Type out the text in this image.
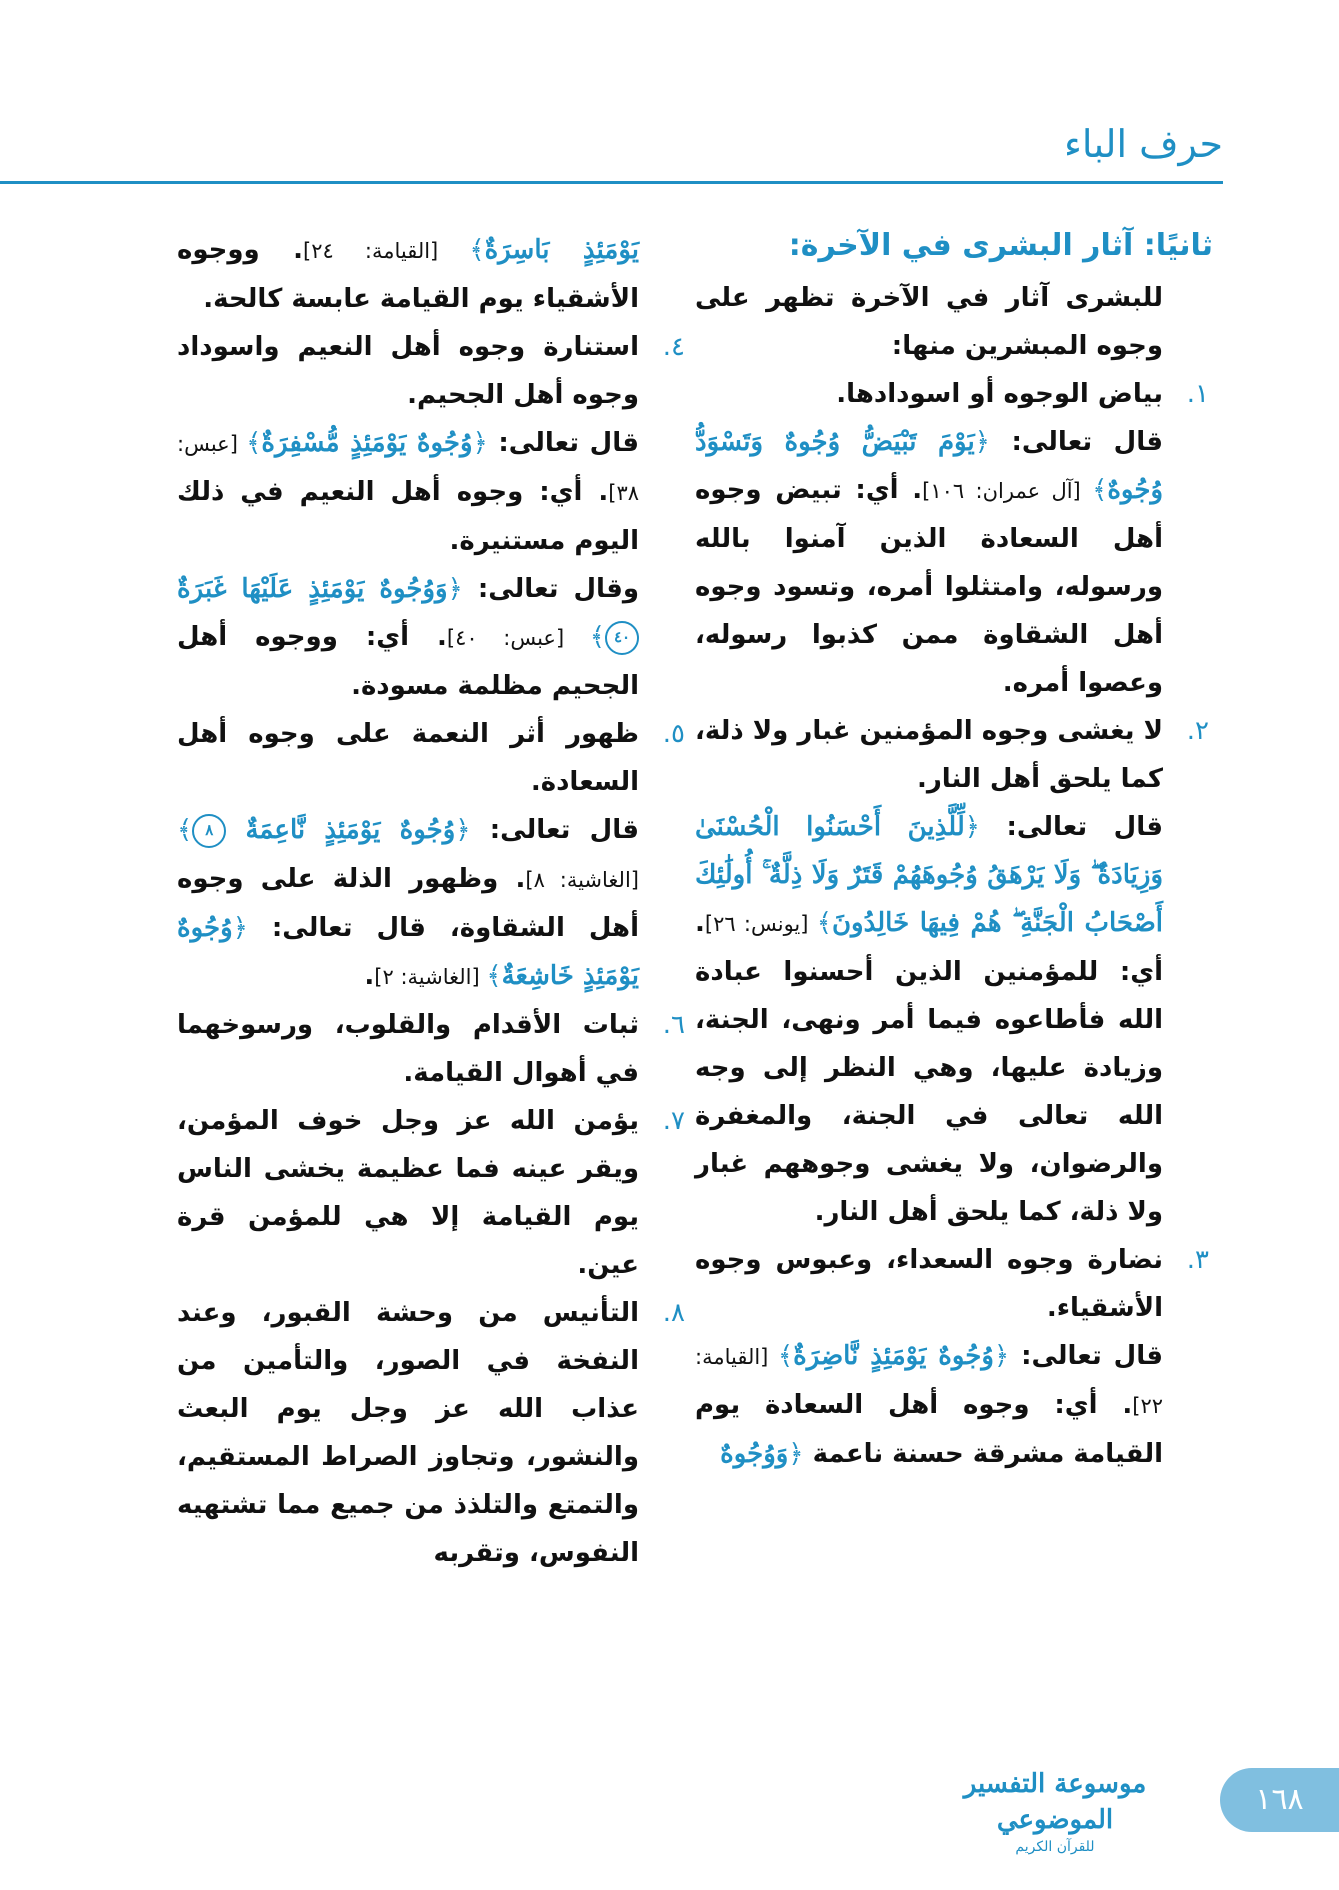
حرف الباء
ثانيًا: آثار البشرى في الآخرة:
للبشرى آثار في الآخرة تظهر على وجوه المبشرين منها:
١.
بياض الوجوه أو اسودادها.
قال تعالى: ﴿يَوْمَ تَبْيَضُّ وُجُوهٌ وَتَسْوَدُّ وُجُوهٌ﴾ [آل عمران: ١٠٦]. أي: تبيض وجوه أهل السعادة الذين آمنوا بالله ورسوله، وامتثلوا أمره، وتسود وجوه أهل الشقاوة ممن كذبوا رسوله، وعصوا أمره.
٢.
لا يغشى وجوه المؤمنين غبار ولا ذلة، كما يلحق أهل النار.
قال تعالى: ﴿لِّلَّذِينَ أَحْسَنُوا الْحُسْنَىٰ وَزِيَادَةٌ ۖ وَلَا يَرْهَقُ وُجُوهَهُمْ قَتَرٌ وَلَا ذِلَّةٌ ۚ أُولَٰئِكَ أَصْحَابُ الْجَنَّةِ ۖ هُمْ فِيهَا خَالِدُونَ﴾ [يونس: ٢٦]. أي: للمؤمنين الذين أحسنوا عبادة الله فأطاعوه فيما أمر ونهى، الجنة، وزيادة عليها، وهي النظر إلى وجه الله تعالى في الجنة، والمغفرة والرضوان، ولا يغشى وجوههم غبار ولا ذلة، كما يلحق أهل النار.
٣.
نضارة وجوه السعداء، وعبوس وجوه الأشقياء.
قال تعالى: ﴿وُجُوهٌ يَوْمَئِذٍ نَّاضِرَةٌ﴾ [القيامة: ٢٢]. أي: وجوه أهل السعادة يوم القيامة مشرقة حسنة ناعمة ﴿وَوُجُوهٌ
يَوْمَئِذٍ بَاسِرَةٌ﴾ [القيامة: ٢٤]. ووجوه الأشقياء يوم القيامة عابسة كالحة.
٤.
استنارة وجوه أهل النعيم واسوداد وجوه أهل الجحيم.
قال تعالى: ﴿وُجُوهٌ يَوْمَئِذٍ مُّسْفِرَةٌ﴾ [عبس: ٣٨]. أي: وجوه أهل النعيم في ذلك اليوم مستنيرة.
وقال تعالى: ﴿وَوُجُوهٌ يَوْمَئِذٍ عَلَيْهَا غَبَرَةٌ ٤٠﴾ [عبس: ٤٠]. أي: ووجوه أهل الجحيم مظلمة مسودة.
٥.
ظهور أثر النعمة على وجوه أهل السعادة.
قال تعالى: ﴿وُجُوهٌ يَوْمَئِذٍ نَّاعِمَةٌ ٨﴾ [الغاشية: ٨]. وظهور الذلة على وجوه أهل الشقاوة، قال تعالى: ﴿وُجُوهٌ يَوْمَئِذٍ خَاشِعَةٌ﴾ [الغاشية: ٢].
٦.
ثبات الأقدام والقلوب، ورسوخهما في أهوال القيامة.
٧.
يؤمن الله عز وجل خوف المؤمن، ويقر عينه فما عظيمة يخشى الناس يوم القيامة إلا هي للمؤمن قرة عين.
٨.
التأنيس من وحشة القبور، وعند النفخة في الصور، والتأمين من عذاب الله عز وجل يوم البعث والنشور، وتجاوز الصراط المستقيم، والتمتع والتلذذ من جميع مما تشتهيه النفوس، وتقربه
موسوعة التفسير الموضوعي
للقرآن الكريم
١٦٨
